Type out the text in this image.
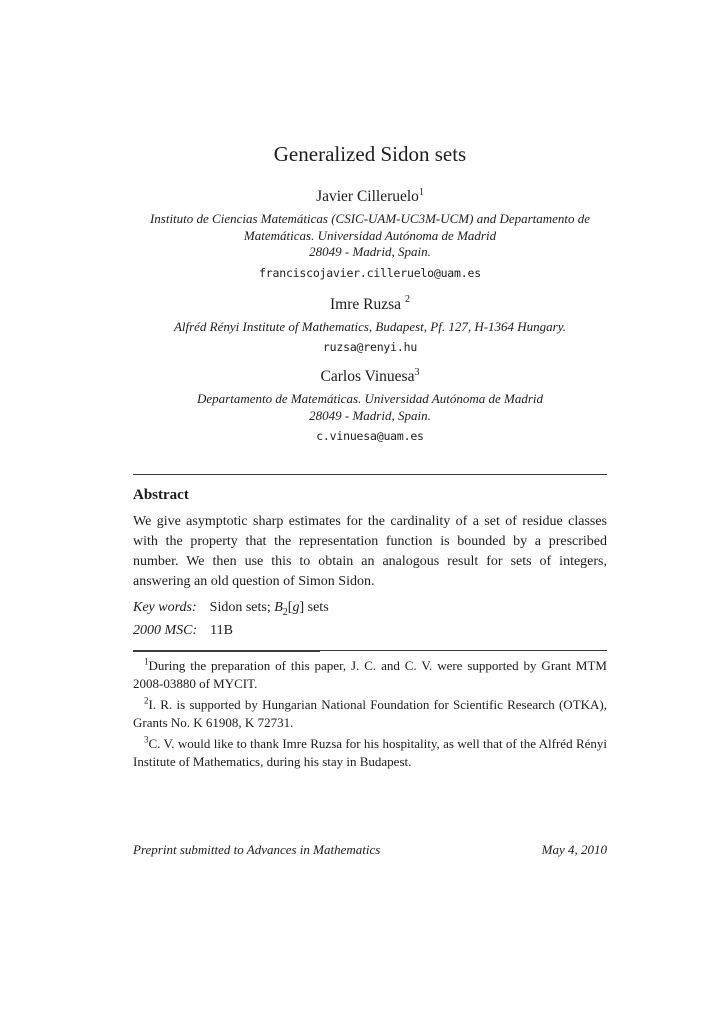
Generalized Sidon sets
Javier Cilleruelo$^1$
Instituto de Ciencias Matemáticas (CSIC-UAM-UC3M-UCM) and Departamento de
Matemáticas. Universidad Autónoma de Madrid
28049 - Madrid, Spain.
franciscojavier.cilleruelo@uam.es
Imre Ruzsa $^2$
Alfréd Rényi Institute of Mathematics, Budapest, Pf. 127, H-1364 Hungary.
ruzsa@renyi.hu
Carlos Vinuesa$^3$
Departamento de Matemáticas. Universidad Autónoma de Madrid
28049 - Madrid, Spain.
c.vinuesa@uam.es
Abstract
We give asymptotic sharp estimates for the cardinality of a set of residue classes with the property that the representation function is bounded by a prescribed number. We then use this to obtain an analogous result for sets of integers, answering an old question of Simon Sidon.
Key words: Sidon sets; $B_2[g]$ sets
2000 MSC: 11B

$^1$During the preparation of this paper, J. C. and C. V. were supported by Grant MTM 2008-03880 of MYCIT.

$^2$I. R. is supported by Hungarian National Foundation for Scientific Research (OTKA), Grants No. K 61908, K 72731.

$^3$C. V. would like to thank Imre Ruzsa for his hospitality, as well that of the Alfréd Rényi Institute of Mathematics, during his stay in Budapest.

Preprint submitted to Advances in Mathematics	May 4, 2010
